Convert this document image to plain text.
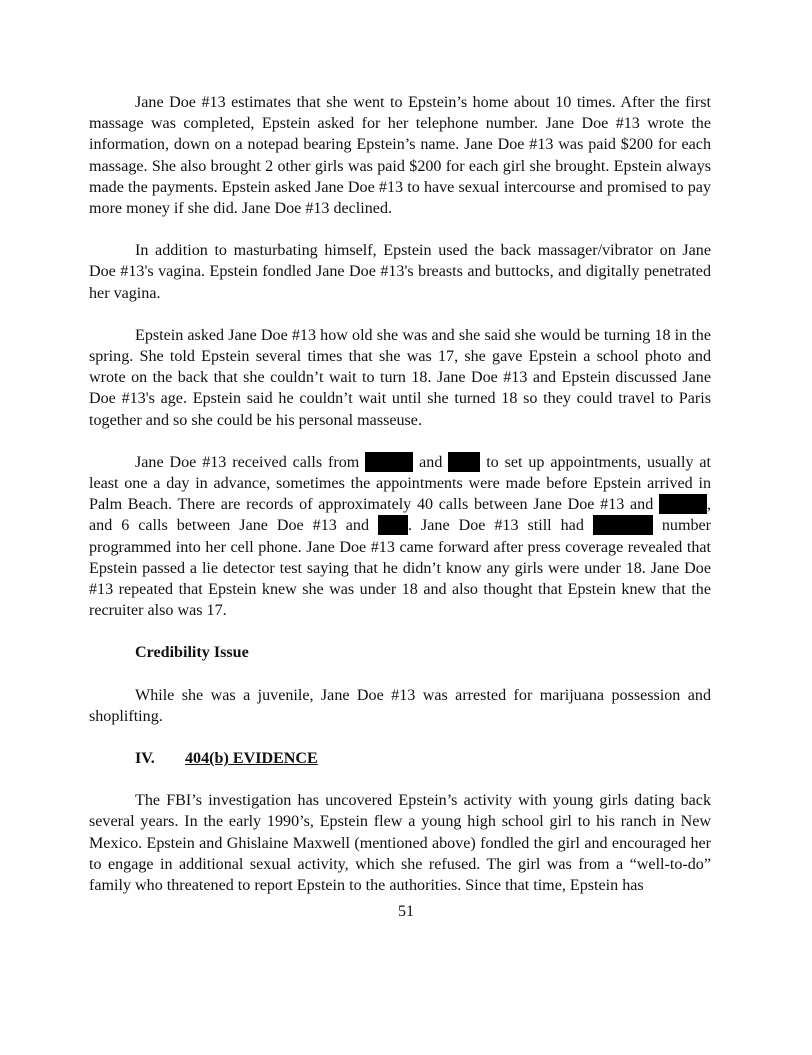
Jane Doe #13 estimates that she went to Epstein’s home about 10 times. After the first massage was completed, Epstein asked for her telephone number. Jane Doe #13 wrote the information, down on a notepad bearing Epstein’s name. Jane Doe #13 was paid $200 for each massage. She also brought 2 other girls was paid $200 for each girl she brought. Epstein always made the payments. Epstein asked Jane Doe #13 to have sexual intercourse and promised to pay more money if she did. Jane Doe #13 declined.

In addition to masturbating himself, Epstein used the back massager/vibrator on Jane Doe #13's vagina. Epstein fondled Jane Doe #13's breasts and buttocks, and digitally penetrated her vagina.

Epstein asked Jane Doe #13 how old she was and she said she would be turning 18 in the spring. She told Epstein several times that she was 17, she gave Epstein a school photo and wrote on the back that she couldn’t wait to turn 18. Jane Doe #13 and Epstein discussed Jane Doe #13's age. Epstein said he couldn’t wait until she turned 18 so they could travel to Paris together and so she could be his personal masseuse.

Jane Doe #13 received calls from	and	to set up appointments, usually at least one a day in advance, sometimes the appointments were made before Epstein arrived in Palm Beach. There are records of approximately 40 calls between Jane Doe #13 and	, and 6 calls between Jane Doe #13 and . Jane Doe #13 still had	number programmed into her cell phone. Jane Doe #13 came forward after press coverage revealed that Epstein passed a lie detector test saying that he didn’t know any girls were under 18. Jane Doe #13 repeated that Epstein knew she was under 18 and also thought that Epstein knew that the recruiter also was 17.

Credibility Issue

While she was a juvenile, Jane Doe #13 was arrested for marijuana possession and shoplifting.

IV.	404(b) EVIDENCE

The FBI’s investigation has uncovered Epstein’s activity with young girls dating back several years. In the early 1990’s, Epstein flew a young high school girl to his ranch in New Mexico. Epstein and Ghislaine Maxwell (mentioned above) fondled the girl and encouraged her to engage in additional sexual activity, which she refused. The girl was from a “well-to-do” family who threatened to report Epstein to the authorities. Since that time, Epstein has

51
